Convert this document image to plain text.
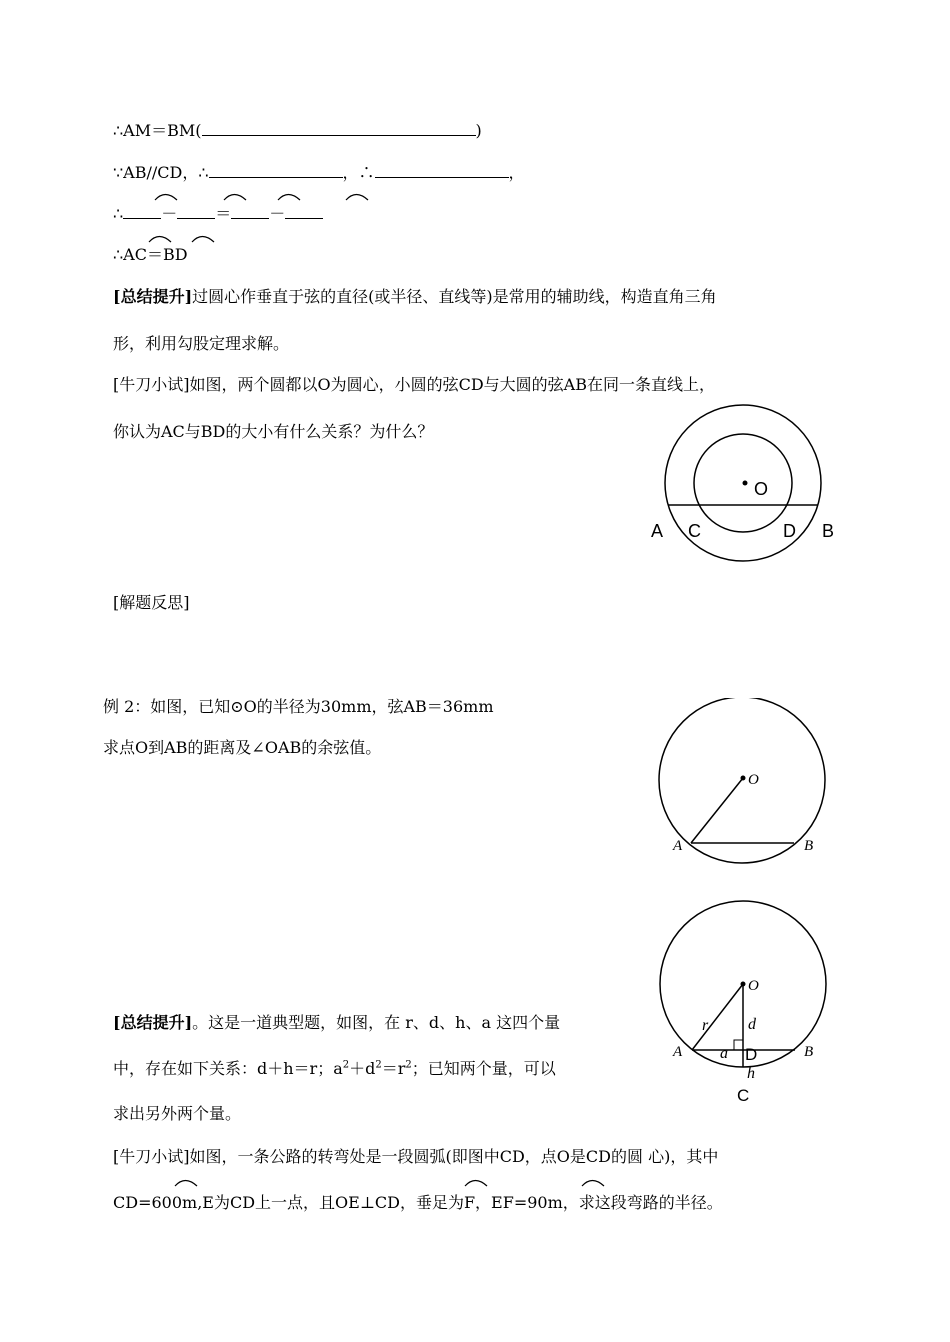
∴AM＝BM(	)
∵AB//CD，∴	，∴	，
∴ － ＝ －
∴AC＝BD
[总结提升]过圆心作垂直于弦的直径(或半径、直线等)是常用的辅助线，构造直角三角
形，利用勾股定理求解。
[牛刀小试]如图，两个圆都以O为圆心，小圆的弦CD与大圆的弦AB在同一条直线上，
你认为AC与BD的大小有什么关系？为什么？
O
A C	D B
[解题反思]
例 2：如图，已知⊙O的半径为30mm，弦AB＝36mm
求点O到AB的距离及∠OAB的余弦值。
O
A	B
O
A	B
r d
a D
h
C
[总结提升]。这是一道典型题，如图，在 r、d、h、a 这四个量
中，存在如下关系：d＋h＝r；$a^2+d^2=r^2$；已知两个量，可以
求出另外两个量。
[牛刀小试]如图，一条公路的转弯处是一段圆弧(即图中CD，点O是CD的圆 心)，其中
CD=600m,E为CD上一点，且OE⊥CD，垂足为F，EF=90m，求这段弯路的半径。
